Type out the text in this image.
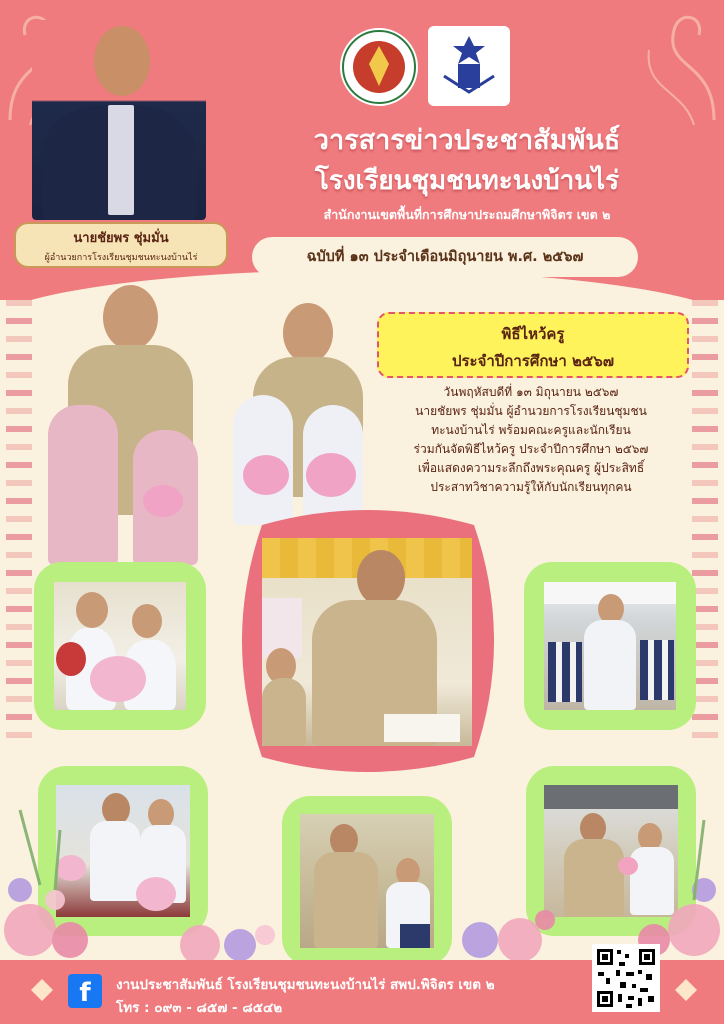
นายชัยพร ชุ่มมั่น
ผู้อำนวยการโรงเรียนชุมชนทะนงบ้านไร่
วารสารข่าวประชาสัมพันธ์
โรงเรียนชุมชนทะนงบ้านไร่
สำนักงานเขตพื้นที่การศึกษาประถมศึกษาพิจิตร เขต ๒
ฉบับที่ ๑๓ ประจำเดือนมิถุนายน พ.ศ. ๒๕๖๗
พิธีไหว้ครู
ประจำปีการศึกษา ๒๕๖๗
วันพฤหัสบดีที่ ๑๓ มิถุนายน ๒๕๖๗
นายชัยพร ชุ่มมั่น ผู้อำนวยการโรงเรียนชุมชน
ทะนงบ้านไร่ พร้อมคณะครูและนักเรียน
ร่วมกันจัดพิธีไหว้ครู ประจำปีการศึกษา ๒๕๖๗
เพื่อแสดงความระลึกถึงพระคุณครู ผู้ประสิทธิ์
ประสาทวิชาความรู้ให้กับนักเรียนทุกคน
f	งานประชาสัมพันธ์ โรงเรียนชุมชนทะนงบ้านไร่ สพป.พิจิตร เขต ๒
โทร : ๐๙๓ - ๘๕๗ - ๘๕๔๒
